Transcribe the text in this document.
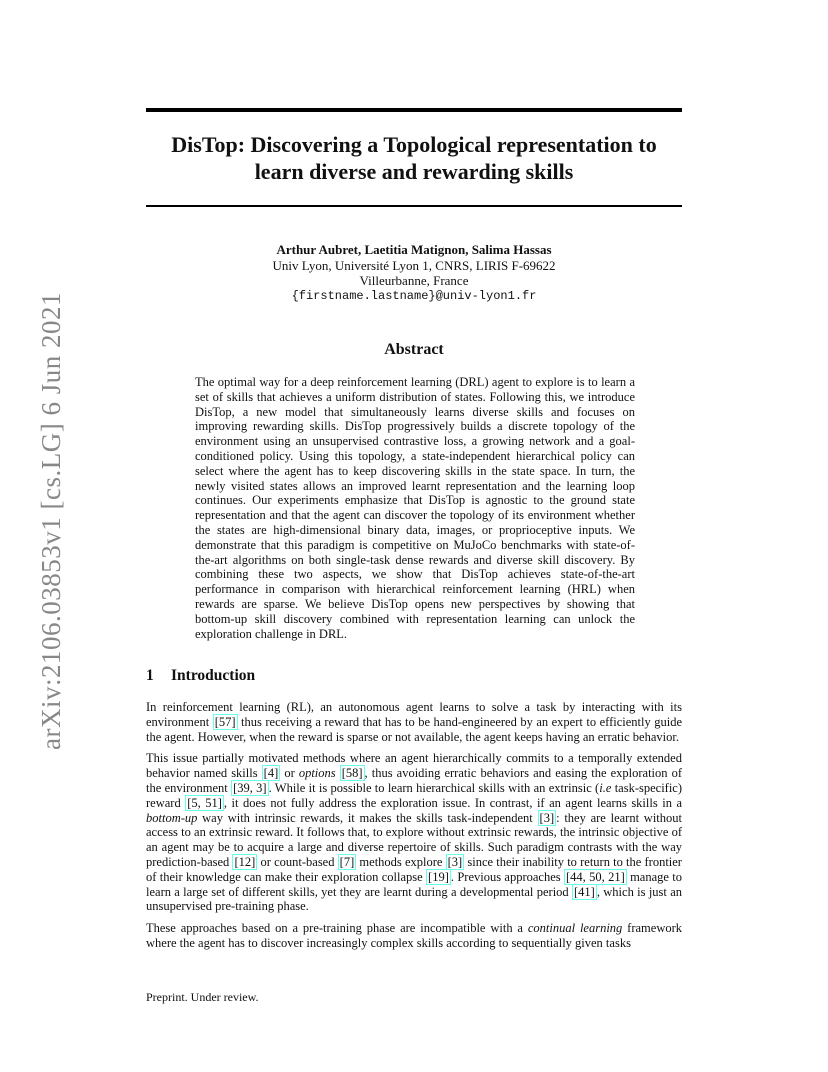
arXiv:2106.03853v1 [cs.LG] 6 Jun 2021
DisTop: Discovering a Topological representation to
learn diverse and rewarding skills
Arthur Aubret, Laetitia Matignon, Salima Hassas
Univ Lyon, Université Lyon 1, CNRS, LIRIS F-69622
Villeurbanne, France
{firstname.lastname}@univ-lyon1.fr
Abstract
The optimal way for a deep reinforcement learning (DRL) agent to explore is to learn a set of skills that achieves a uniform distribution of states. Following this, we introduce DisTop, a new model that simultaneously learns diverse skills and focuses on improving rewarding skills. DisTop progressively builds a discrete topology of the environment using an unsupervised contrastive loss, a growing network and a goal-conditioned policy. Using this topology, a state-independent hierarchical policy can select where the agent has to keep discovering skills in the state space. In turn, the newly visited states allows an improved learnt representation and the learning loop continues. Our experiments emphasize that DisTop is agnostic to the ground state representation and that the agent can discover the topology of its environment whether the states are high-dimensional binary data, images, or proprioceptive inputs. We demonstrate that this paradigm is competitive on MuJoCo benchmarks with state-of-the-art algorithms on both single-task dense rewards and diverse skill discovery. By combining these two aspects, we show that DisTop achieves state-of-the-art performance in comparison with hierarchical reinforcement learning (HRL) when rewards are sparse. We believe DisTop opens new perspectives by showing that bottom-up skill discovery combined with representation learning can unlock the exploration challenge in DRL.
1 Introduction

In reinforcement learning (RL), an autonomous agent learns to solve a task by interacting with its environment [57] thus receiving a reward that has to be hand-engineered by an expert to efficiently guide the agent. However, when the reward is sparse or not available, the agent keeps having an erratic behavior.

This issue partially motivated methods where an agent hierarchically commits to a temporally extended behavior named skills [4] or options [58] , thus avoiding erratic behaviors and easing the exploration of the environment [39, 3] . While it is possible to learn hierarchical skills with an extrinsic (i.e task-specific) reward [5, 51] , it does not fully address the exploration issue. In contrast, if an agent learns skills in a bottom-up way with intrinsic rewards, it makes the skills task-independent [3] : they are learnt without access to an extrinsic reward. It follows that, to explore without extrinsic rewards, the intrinsic objective of an agent may be to acquire a large and diverse repertoire of skills. Such paradigm contrasts with the way prediction-based [12] or count-based [7] methods explore [3] since their inability to return to the frontier of their knowledge can make their exploration collapse [19] . Previous approaches [44, 50, 21] manage to learn a large set of different skills, yet they are learnt during a developmental period [41] , which is just an unsupervised pre-training phase.

These approaches based on a pre-training phase are incompatible with a continual learning framework where the agent has to discover increasingly complex skills according to sequentially given tasks

Preprint. Under review.
